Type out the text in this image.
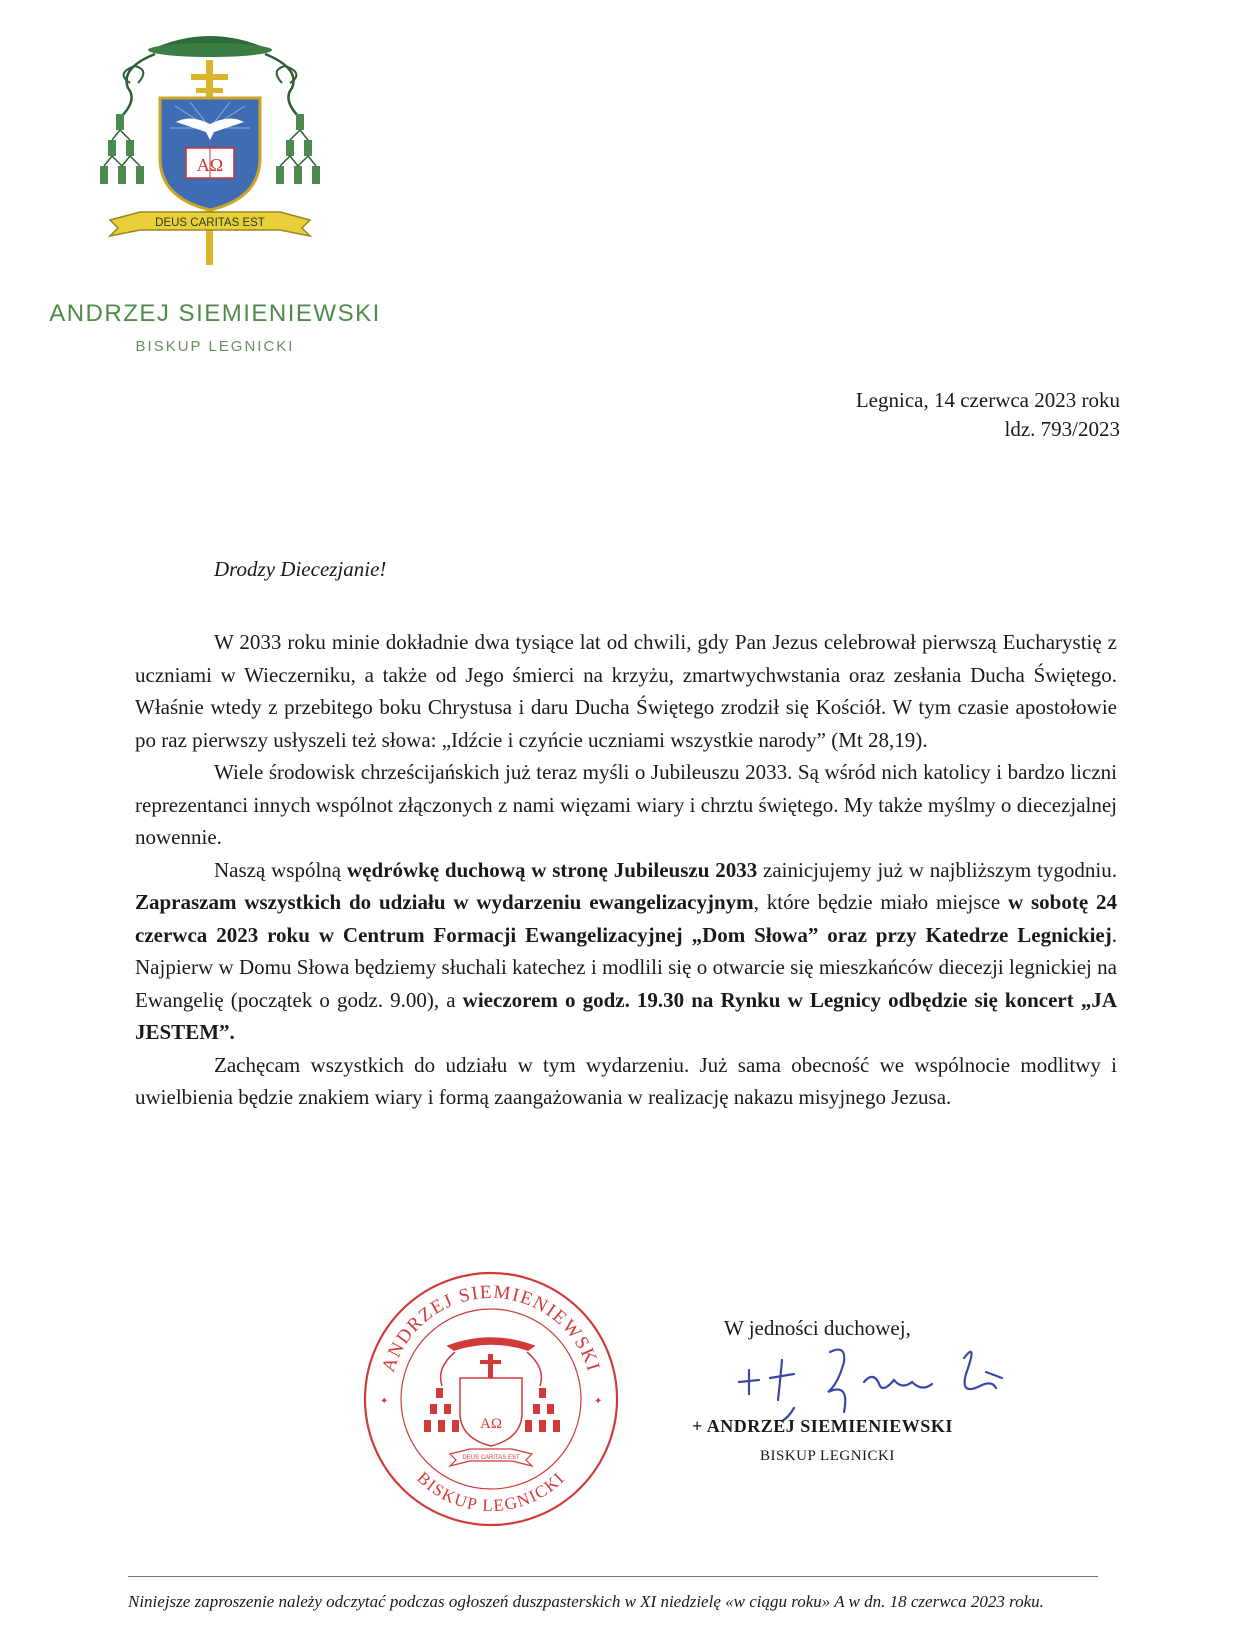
AΩ
DEUS CARITAS EST
ANDRZEJ SIEMIENIEWSKI
BISKUP LEGNICKI
Legnica, 14 czerwca 2023 roku
ldz. 793/2023
Drodzy Diecezjanie!

W 2033 roku minie dokładnie dwa tysiące lat od chwili, gdy Pan Jezus celebrował pierwszą Eucharystię z uczniami w Wieczerniku, a także od Jego śmierci na krzyżu, zmartwychwstania oraz zesłania Ducha Świętego. Właśnie wtedy z przebitego boku Chrystusa i daru Ducha Świętego zrodził się Kościół. W tym czasie apostołowie po raz pierwszy usłyszeli też słowa: „Idźcie i czyńcie uczniami wszystkie narody” (Mt 28,19).

Wiele środowisk chrześcijańskich już teraz myśli o Jubileuszu 2033. Są wśród nich katolicy i bardzo liczni reprezentanci innych wspólnot złączonych z nami więzami wiary i chrztu świętego. My także myślmy o diecezjalnej nowennie.

Naszą wspólną wędrówkę duchową w stronę Jubileuszu 2033 zainicjujemy już w najbliższym tygodniu. Zapraszam wszystkich do udziału w wydarzeniu ewangelizacyjnym, które będzie miało miejsce w sobotę 24 czerwca 2023 roku w Centrum Formacji Ewangelizacyjnej „Dom Słowa” oraz przy Katedrze Legnickiej. Najpierw w Domu Słowa będziemy słuchali katechez i modlili się o otwarcie się mieszkańców diecezji legnickiej na Ewangelię (początek o godz. 9.00), a wieczorem o godz. 19.30 na Rynku w Legnicy odbędzie się koncert „JA JESTEM”.

Zachęcam wszystkich do udziału w tym wydarzeniu. Już sama obecność we wspólnocie modlitwy i uwielbienia będzie znakiem wiary i formą zaangażowania w realizację nakazu misyjnego Jezusa.

ANDRZEJ SIEMIENIEWSKI
BISKUP LEGNICKI
✦	✦
AΩ
DEUS CARITAS EST
W jedności duchowej,
+ ANDRZEJ SIEMIENIEWSKI
BISKUP LEGNICKI
Niniejsze zaproszenie należy odczytać podczas ogłoszeń duszpasterskich w XI niedzielę «w ciągu roku» A w dn. 18 czerwca 2023 roku.
